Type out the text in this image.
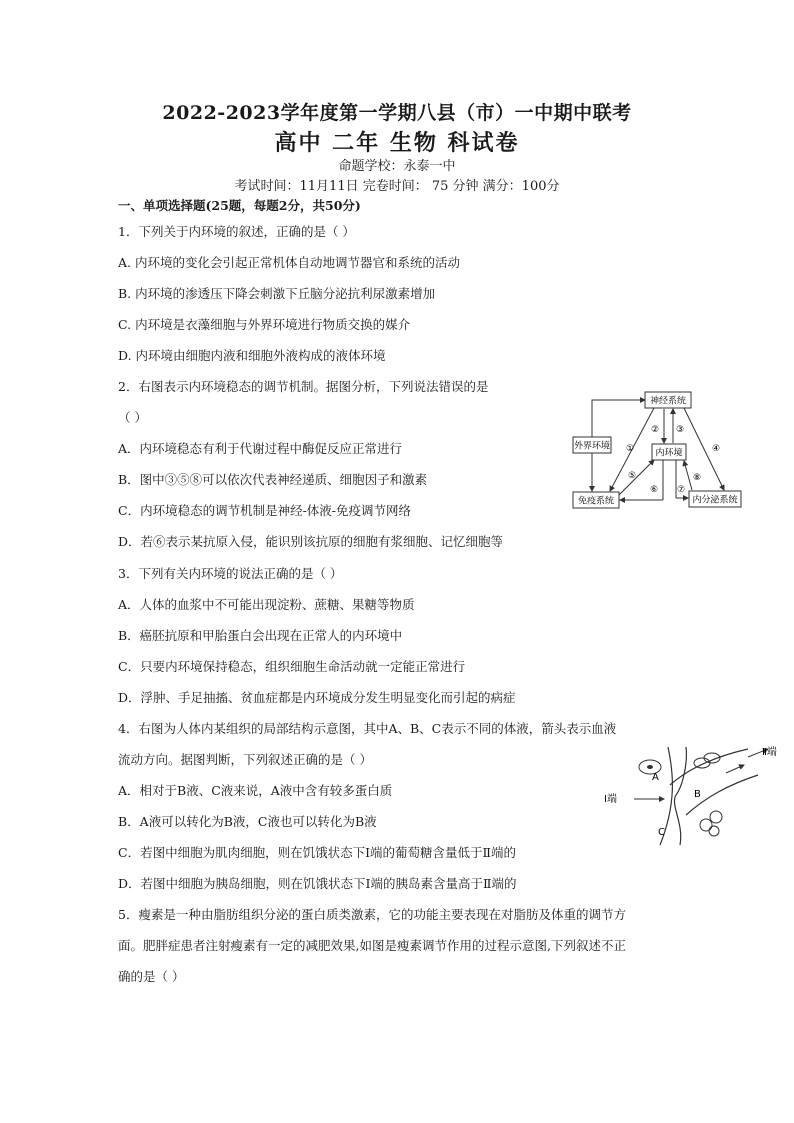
2022-2023学年度第一学期八县（市）一中期中联考
高中 二年 生物 科试卷
命题学校：永泰一中
考试时间：11月11日 完卷时间： 75 分钟 满分：100分
一、单项选择题(25题，每题2分，共50分)
1．下列关于内环境的叙述，正确的是（ ）
A. 内环境的变化会引起正常机体自动地调节器官和系统的活动
B. 内环境的渗透压下降会刺激下丘脑分泌抗利尿激素增加
C. 内环境是衣藻细胞与外界环境进行物质交换的媒介
D. 内环境由细胞内液和细胞外液构成的液体环境
2．右图表示内环境稳态的调节机制。据图分析，下列说法错误的是
（ ）
A．内环境稳态有利于代谢过程中酶促反应正常进行
B．图中③⑤⑧可以依次代表神经递质、细胞因子和激素
C．内环境稳态的调节机制是神经-体液-免疫调节网络
D．若⑥表示某抗原入侵，能识别该抗原的细胞有浆细胞、记忆细胞等
神经系统
外界环境
内环境
免疫系统	内分泌系统
①
② ③
④
⑤
⑥ ⑦
⑧
3．下列有关内环境的说法正确的是（ ）
A．人体的血浆中不可能出现淀粉、蔗糖、果糖等物质
B．癌胚抗原和甲胎蛋白会出现在正常人的内环境中
C．只要内环境保持稳态，组织细胞生命活动就一定能正常进行
D．浮肿、手足抽搐、贫血症都是内环境成分发生明显变化而引起的病症
4．右图为人体内某组织的局部结构示意图，其中A、B、C表示不同的体液，箭头表示血液
流动方向。据图判断，下列叙述正确的是（ ）
A．相对于B液、C液来说，A液中含有较多蛋白质
B．A液可以转化为B液，C液也可以转化为B液
C．若图中细胞为肌肉细胞，则在饥饿状态下Ⅰ端的葡萄糖含量低于Ⅱ端的
D．若图中细胞为胰岛细胞，则在饥饿状态下Ⅰ端的胰岛素含量高于Ⅱ端的
A
B
C
Ⅰ端
Ⅱ端
5．瘦素是一种由脂肪组织分泌的蛋白质类激素，它的功能主要表现在对脂肪及体重的调节方
面。肥胖症患者注射瘦素有一定的减肥效果,如图是瘦素调节作用的过程示意图,下列叙述不正
确的是（ ）
